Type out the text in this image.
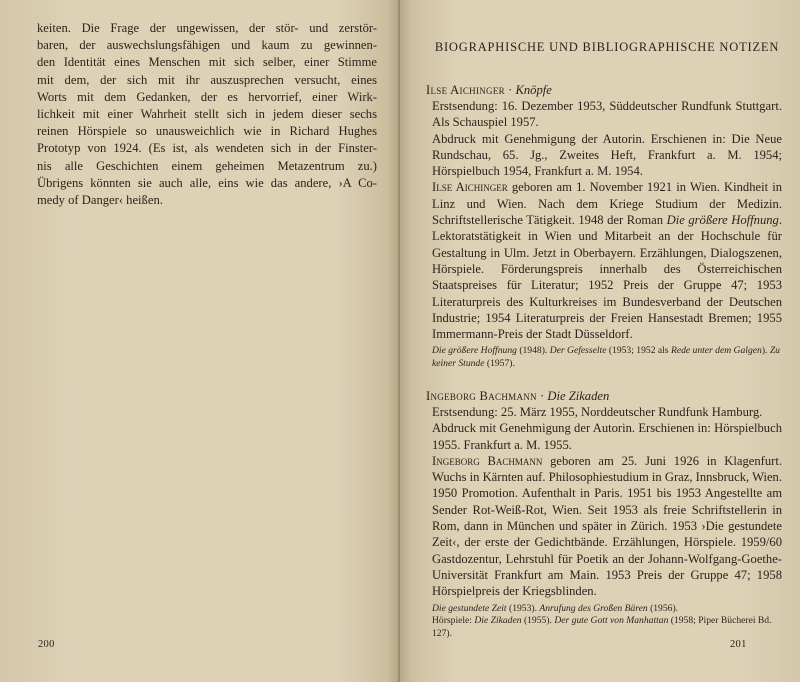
keiten. Die Frage der ungewissen, der stör- und zerstör-
baren, der auswechslungsfähigen und kaum zu gewinnen-
den Identität eines Menschen mit sich selber, einer Stimme
mit dem, der sich mit ihr auszusprechen versucht, eines
Worts mit dem Gedanken, der es hervorrief, einer Wirk-
lichkeit mit einer Wahrheit stellt sich in jedem dieser sechs
reinen Hörspiele so unausweichlich wie in Richard Hughes
Prototyp von 1924. (Es ist, als wendeten sich in der Finster-
nis alle Geschichten einem geheimen Metazentrum zu.)
Übrigens könnten sie auch alle, eins wie das andere, ›A Co-
medy of Danger‹ heißen.
200
BIOGRAPHISCHE UND BIBLIOGRAPHISCHE NOTIZEN
Ilse Aichinger · Knöpfe

Erstsendung: 16. Dezember 1953, Süddeutscher Rundfunk Stuttgart. Als Schauspiel 1957.

Abdruck mit Genehmigung der Autorin. Erschienen in: Die Neue Rundschau, 65. Jg., Zweites Heft, Frankfurt a. M. 1954; Hörspielbuch 1954, Frankfurt a. M. 1954.

Ilse Aichinger geboren am 1. November 1921 in Wien. Kindheit in Linz und Wien. Nach dem Kriege Studium der Medizin. Schriftstellerische Tätigkeit. 1948 der Roman Die größere Hoffnung. Lektoratstätigkeit in Wien und Mitarbeit an der Hochschule für Gestaltung in Ulm. Jetzt in Oberbayern. Erzählungen, Dialogszenen, Hörspiele. Förderungspreis innerhalb des Österreichischen Staatspreises für Literatur; 1952 Preis der Gruppe 47; 1953 Literaturpreis des Kulturkreises im Bundesverband der Deutschen Industrie; 1954 Literaturpreis der Freien Hansestadt Bremen; 1955 Immermann-Preis der Stadt Düsseldorf.

Die größere Hoffnung (1948). Der Gefesselte (1953; 1952 als Rede unter dem Galgen). Zu keiner Stunde (1957).

Ingeborg Bachmann · Die Zikaden

Erstsendung: 25. März 1955, Norddeutscher Rundfunk Hamburg.

Abdruck mit Genehmigung der Autorin. Erschienen in: Hörspielbuch 1955. Frankfurt a. M. 1955.

Ingeborg Bachmann geboren am 25. Juni 1926 in Klagenfurt. Wuchs in Kärnten auf. Philosophiestudium in Graz, Innsbruck, Wien. 1950 Promotion. Aufenthalt in Paris. 1951 bis 1953 Angestellte am Sender Rot-Weiß-Rot, Wien. Seit 1953 als freie Schriftstellerin in Rom, dann in München und später in Zürich. 1953 ›Die gestundete Zeit‹, der erste der Gedichtbände. Erzählungen, Hörspiele. 1959/60 Gastdozentur, Lehrstuhl für Poetik an der Johann-Wolfgang-Goethe-Universität Frankfurt am Main. 1953 Preis der Gruppe 47; 1958 Hörspielpreis der Kriegsblinden.

Die gestundete Zeit (1953). Anrufung des Großen Bären (1956).
Hörspiele: Die Zikaden (1955). Der gute Gott von Manhattan (1958; Piper Bücherei Bd. 127).

201
